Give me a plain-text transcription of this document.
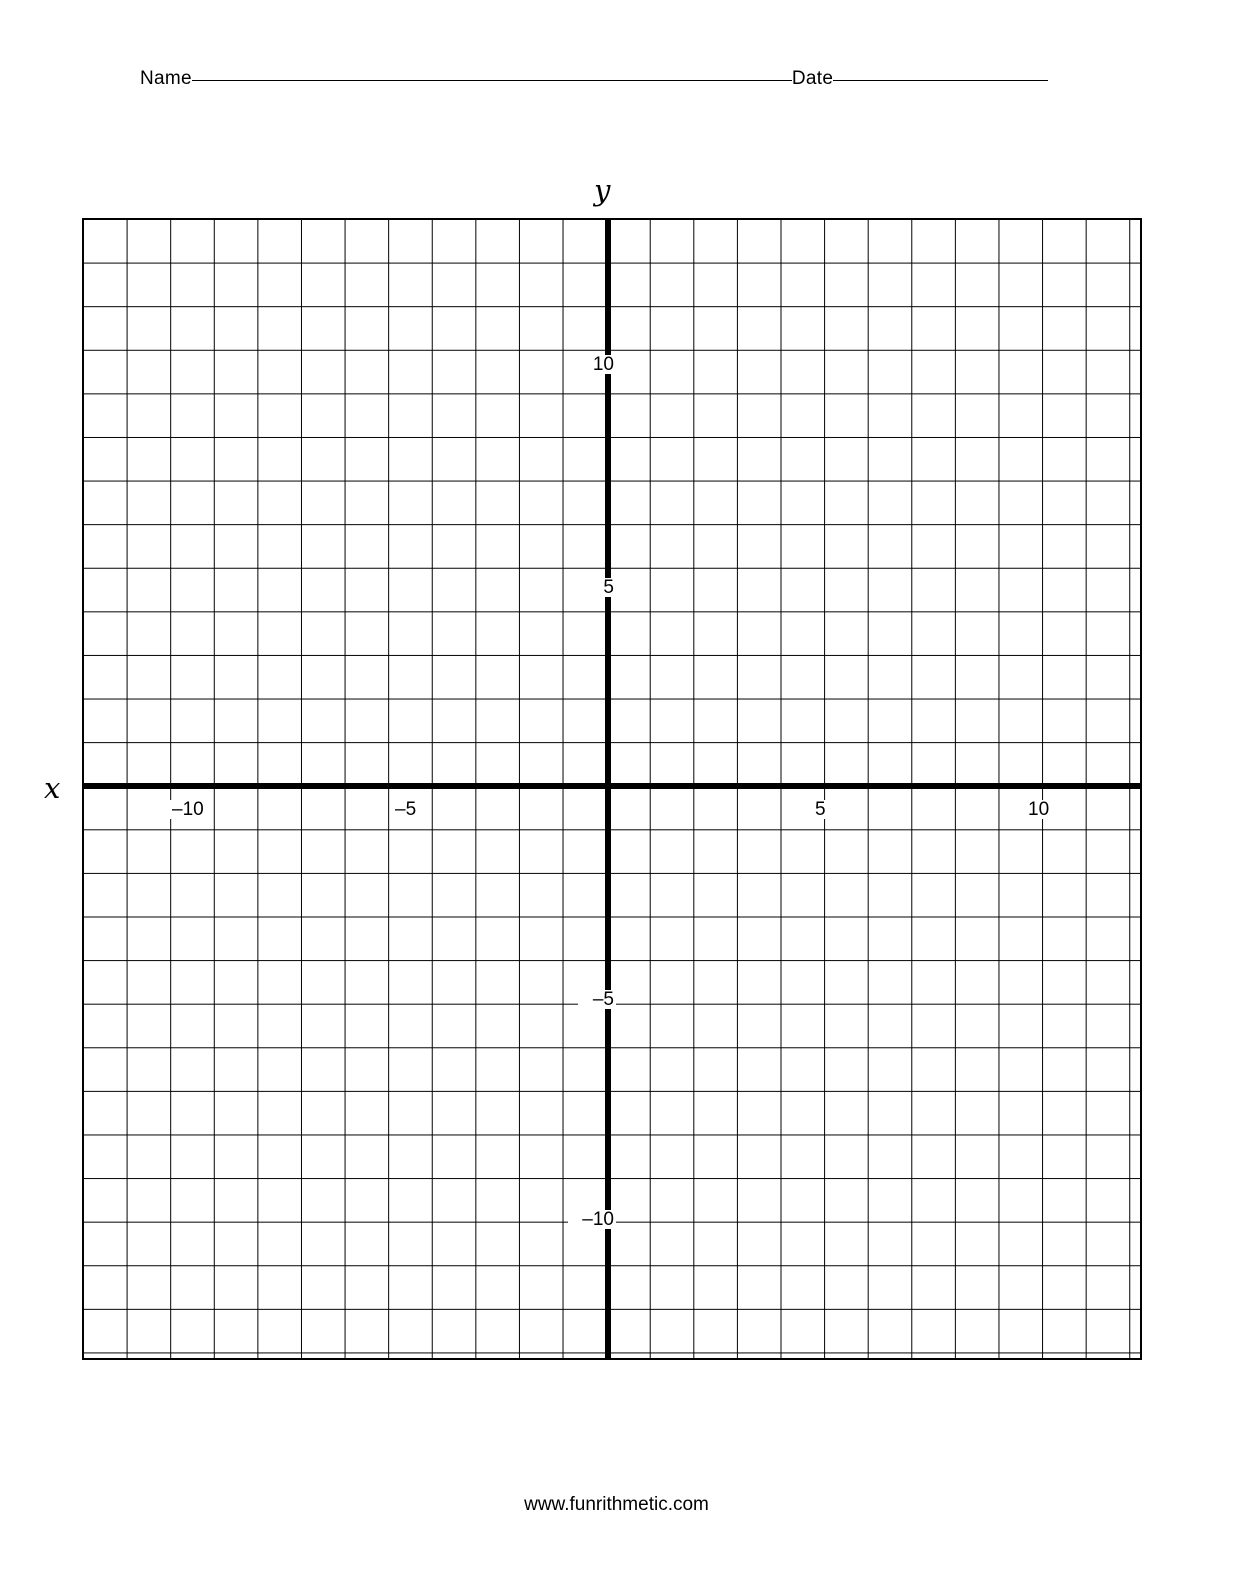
Name	Date
y
x
10
5
–5
–10
–10	–5	5	10
www.funrithmetic.com
